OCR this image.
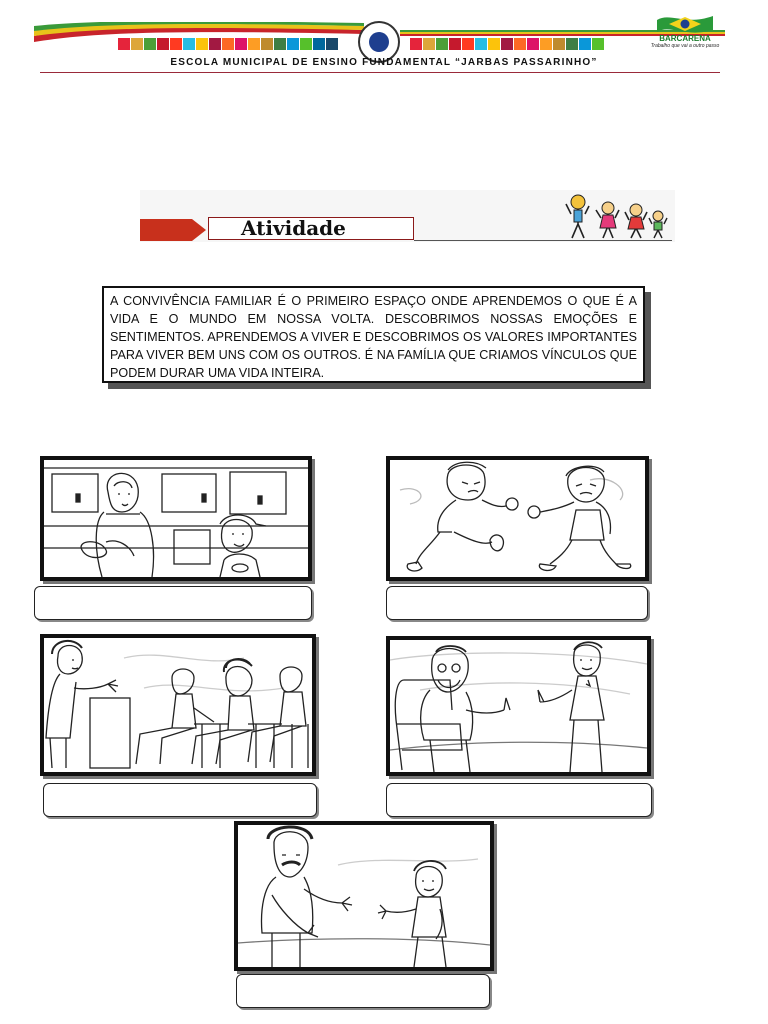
BARCARENA
Trabalho que vai a outro passo
ESCOLA MUNICIPAL DE ENSINO FUNDAMENTAL “JARBAS PASSARINHO”
Atividade
A CONVIVÊNCIA FAMILIAR É O PRIMEIRO ESPAÇO ONDE APRENDEMOS O QUE É A VIDA E O MUNDO EM NOSSA VOLTA. DESCOBRIMOS NOSSAS EMOÇÕES E SENTIMENTOS. APRENDEMOS A VIVER E DESCOBRIMOS OS VALORES IMPORTANTES PARA VIVER BEM UNS COM OS OUTROS. É NA FAMÍLIA QUE CRIAMOS VÍNCULOS QUE PODEM DURAR UMA VIDA INTEIRA.
